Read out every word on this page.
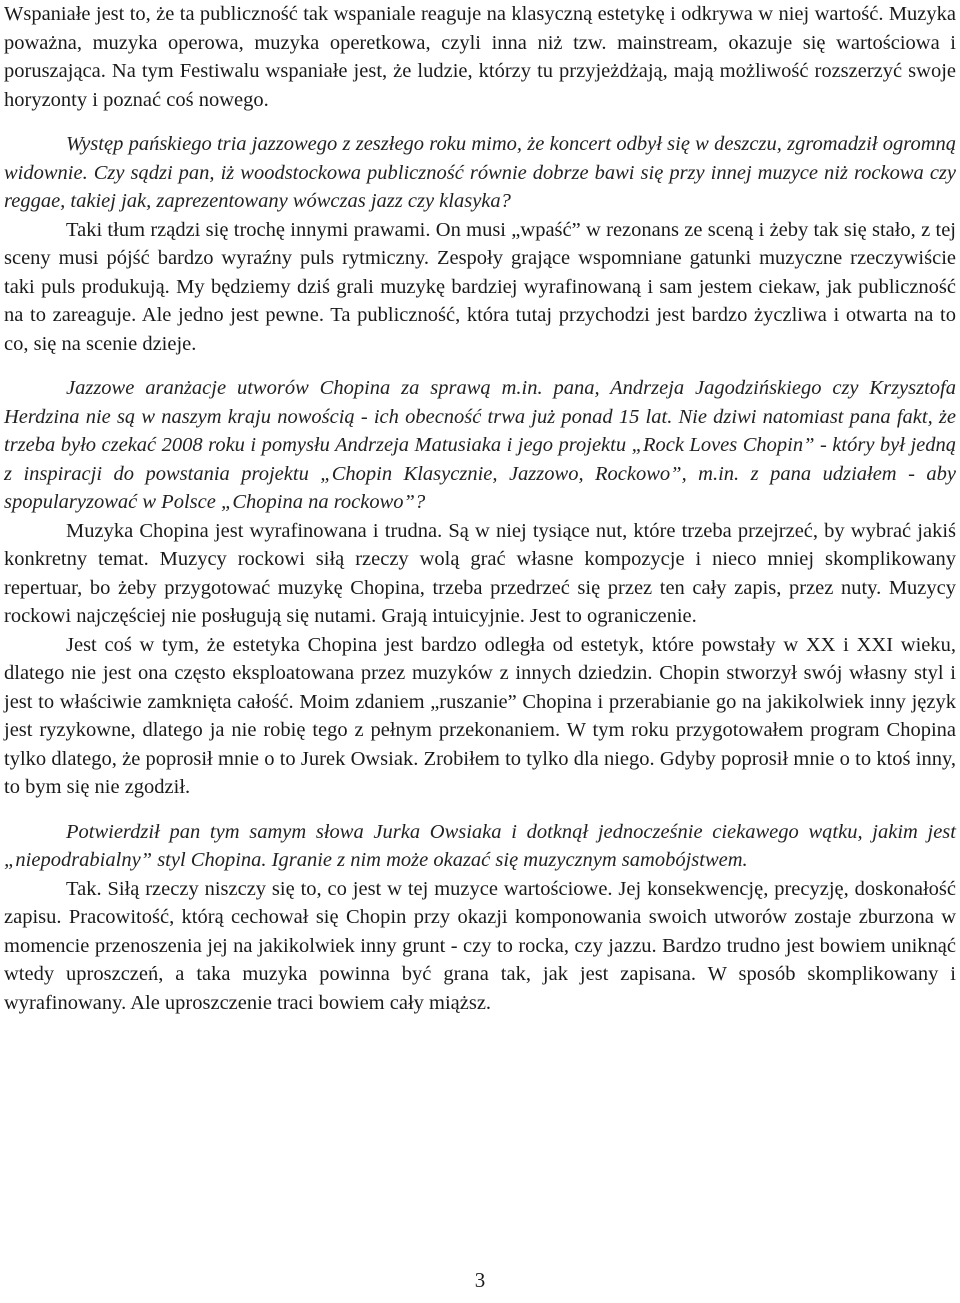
Wspaniałe jest to, że ta publiczność tak wspaniale reaguje na klasyczną estetykę i odkrywa w niej wartość. Muzyka poważna, muzyka operowa, muzyka operetkowa, czyli inna niż tzw. mainstream, okazuje się wartościowa i poruszająca. Na tym Festiwalu wspaniałe jest, że ludzie, którzy tu przyjeżdżają, mają możliwość rozszerzyć swoje horyzonty i poznać coś nowego.

Występ pańskiego tria jazzowego z zeszłego roku mimo, że koncert odbył się w deszczu, zgromadził ogromną widownie. Czy sądzi pan, iż woodstockowa publiczność równie dobrze bawi się przy innej muzyce niż rockowa czy reggae, takiej jak, zaprezentowany wówczas jazz czy klasyka?

Taki tłum rządzi się trochę innymi prawami. On musi „wpaść” w rezonans ze sceną i żeby tak się stało, z tej sceny musi pójść bardzo wyraźny puls rytmiczny. Zespoły grające wspomniane gatunki muzyczne rzeczywiście taki puls produkują. My będziemy dziś grali muzykę bardziej wyrafinowaną i sam jestem ciekaw, jak publiczność na to zareaguje. Ale jedno jest pewne. Ta publiczność, która tutaj przychodzi jest bardzo życzliwa i otwarta na to co, się na scenie dzieje.

Jazzowe aranżacje utworów Chopina za sprawą m.in. pana, Andrzeja Jagodzińskiego czy Krzysztofa Herdzina nie są w naszym kraju nowością - ich obecność trwa już ponad 15 lat. Nie dziwi natomiast pana fakt, że trzeba było czekać 2008 roku i pomysłu Andrzeja Matusiaka i jego projektu „Rock Loves Chopin” - który był jedną z inspiracji do powstania projektu „Chopin Klasycznie, Jazzowo, Rockowo”, m.in. z pana udziałem - aby spopularyzować w Polsce „Chopina na rockowo”?

Muzyka Chopina jest wyrafinowana i trudna. Są w niej tysiące nut, które trzeba przejrzeć, by wybrać jakiś konkretny temat. Muzycy rockowi siłą rzeczy wolą grać własne kompozycje i nieco mniej skomplikowany repertuar, bo żeby przygotować muzykę Chopina, trzeba przedrzeć się przez ten cały zapis, przez nuty. Muzycy rockowi najczęściej nie posługują się nutami. Grają intuicyjnie. Jest to ograniczenie.

Jest coś w tym, że estetyka Chopina jest bardzo odległa od estetyk, które powstały w XX i XXI wieku, dlatego nie jest ona często eksploatowana przez muzyków z innych dziedzin. Chopin stworzył swój własny styl i jest to właściwie zamknięta całość. Moim zdaniem „ruszanie” Chopina i przerabianie go na jakikolwiek inny język jest ryzykowne, dlatego ja nie robię tego z pełnym przekonaniem. W tym roku przygotowałem program Chopina tylko dlatego, że poprosił mnie o to Jurek Owsiak. Zrobiłem to tylko dla niego. Gdyby poprosił mnie o to ktoś inny, to bym się nie zgodził.

Potwierdził pan tym samym słowa Jurka Owsiaka i dotknął jednocześnie ciekawego wątku, jakim jest „niepodrabialny” styl Chopina. Igranie z nim może okazać się muzycznym samobójstwem.

Tak. Siłą rzeczy niszczy się to, co jest w tej muzyce wartościowe. Jej konsekwencję, precyzję, doskonałość zapisu. Pracowitość, którą cechował się Chopin przy okazji komponowania swoich utworów zostaje zburzona w momencie przenoszenia jej na jakikolwiek inny grunt - czy to rocka, czy jazzu. Bardzo trudno jest bowiem uniknąć wtedy uproszczeń, a taka muzyka powinna być grana tak, jak jest zapisana. W sposób skomplikowany i wyrafinowany. Ale uproszczenie traci bowiem cały miąższ.

3
